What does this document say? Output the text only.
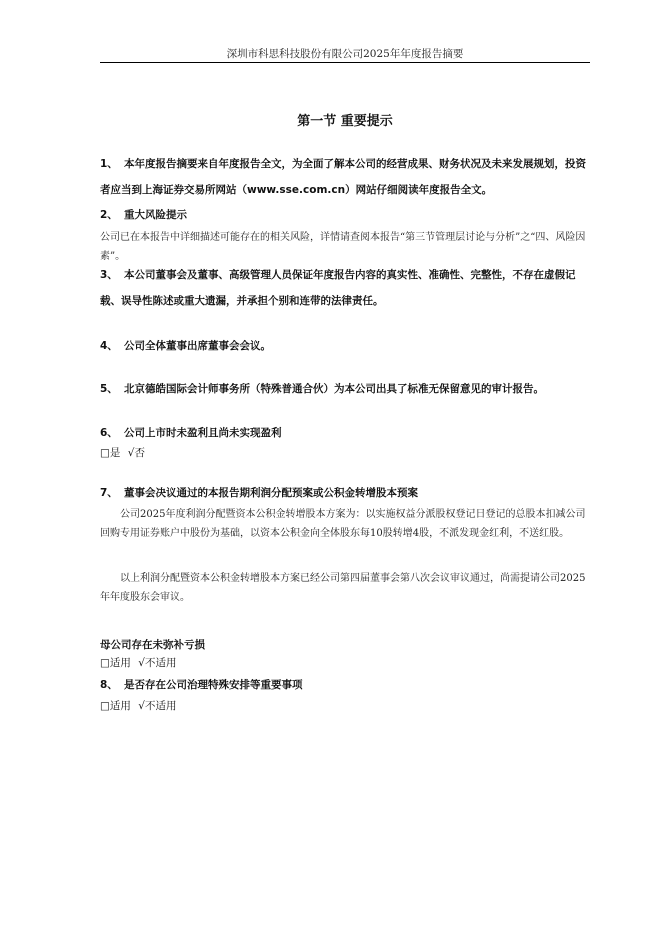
深圳市科思科技股份有限公司2025年年度报告摘要
第一节 重要提示
1、 本年度报告摘要来自年度报告全文，为全面了解本公司的经营成果、财务状况及未来发展规划，投资者应当到上海证券交易所网站（www.sse.com.cn）网站仔细阅读年度报告全文。
2、 重大风险提示
公司已在本报告中详细描述可能存在的相关风险，详情请查阅本报告“第三节管理层讨论与分析”之“四、风险因素”。
3、 本公司董事会及董事、高级管理人员保证年度报告内容的真实性、准确性、完整性，不存在虚假记载、误导性陈述或重大遗漏，并承担个别和连带的法律责任。
4、 公司全体董事出席董事会会议。
5、 北京德皓国际会计师事务所（特殊普通合伙）为本公司出具了标准无保留意见的审计报告。
6、 公司上市时未盈利且尚未实现盈利
□是 √否
7、 董事会决议通过的本报告期利润分配预案或公积金转增股本预案
公司2025年度利润分配暨资本公积金转增股本方案为：以实施权益分派股权登记日登记的总股本扣减公司回购专用证券账户中股份为基础，以资本公积金向全体股东每10股转增4股，不派发现金红利，不送红股。
以上利润分配暨资本公积金转增股本方案已经公司第四届董事会第八次会议审议通过，尚需提请公司2025年年度股东会审议。
母公司存在未弥补亏损
□适用 √不适用
8、 是否存在公司治理特殊安排等重要事项
□适用 √不适用
